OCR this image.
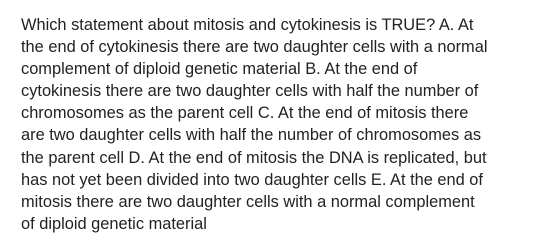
Which statement about mitosis and cytokinesis is TRUE? A. At
the end of cytokinesis there are two daughter cells with a normal
complement of diploid genetic material B. At the end of
cytokinesis there are two daughter cells with half the number of
chromosomes as the parent cell C. At the end of mitosis there
are two daughter cells with half the number of chromosomes as
the parent cell D. At the end of mitosis the DNA is replicated, but
has not yet been divided into two daughter cells E. At the end of
mitosis there are two daughter cells with a normal complement
of diploid genetic material
